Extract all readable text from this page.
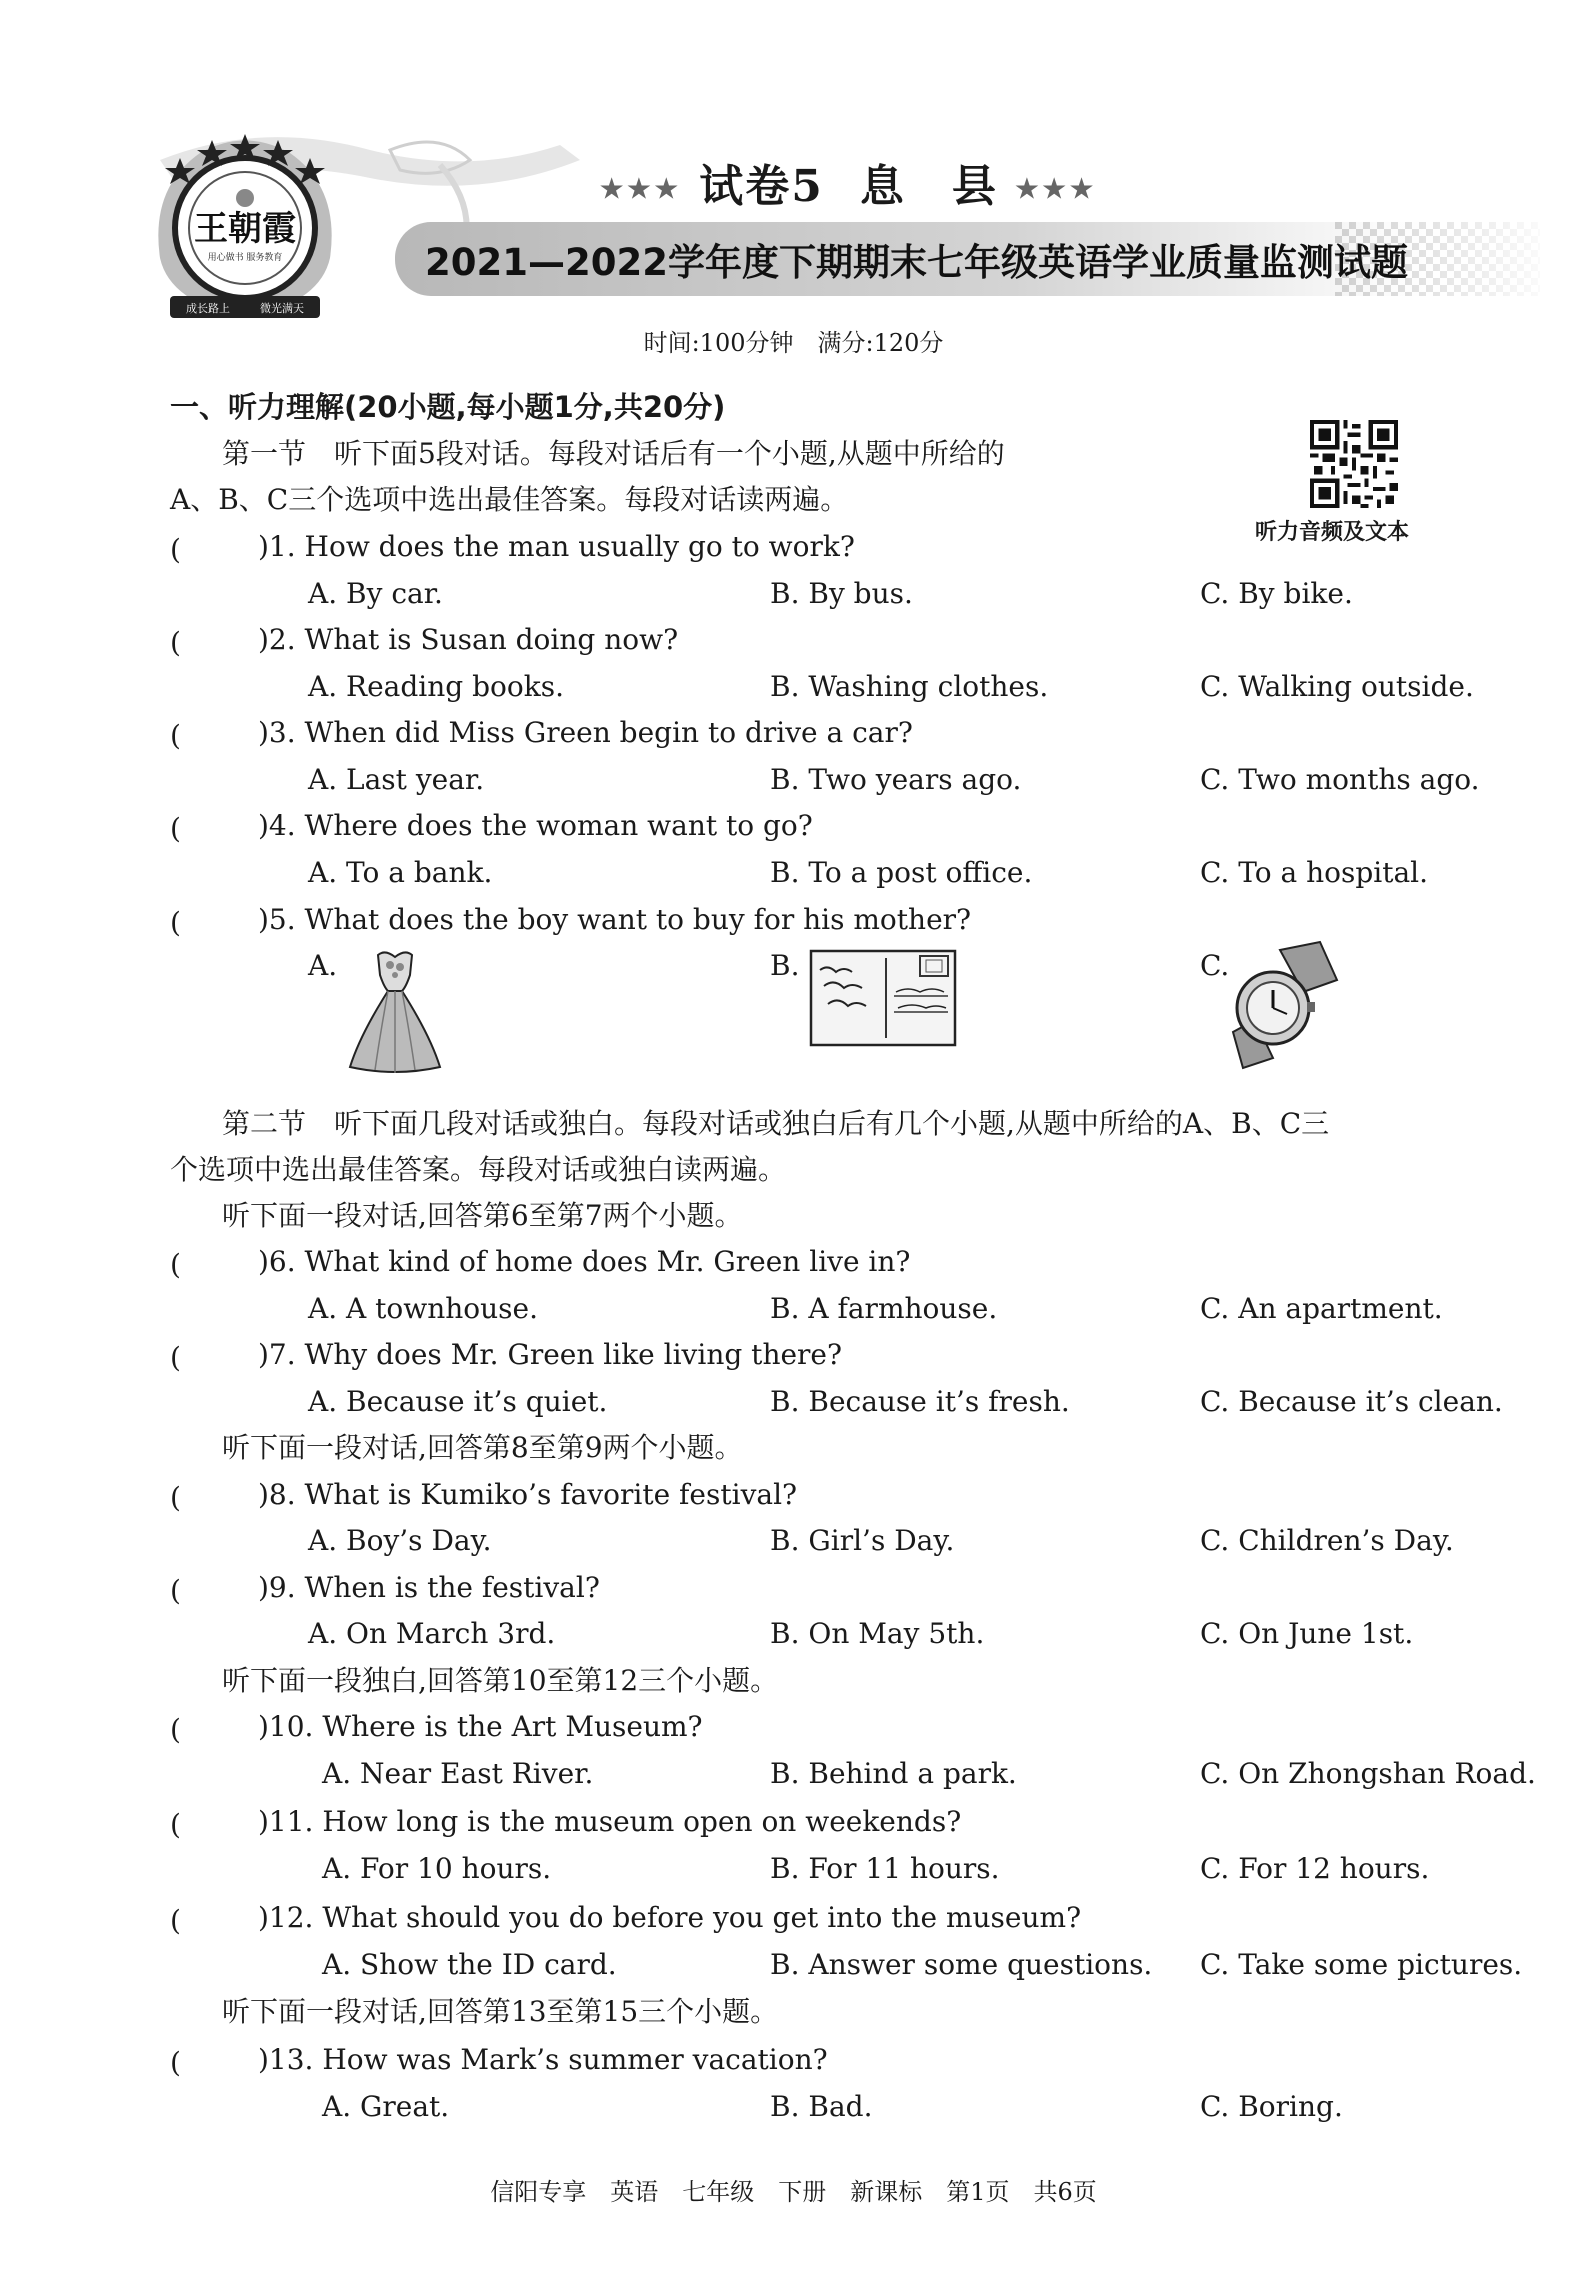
王朝霞
用心做书 服务教育
成长路上	微光满天
★★★ 试卷5 息　县 ★★★
2021—2022学年度下期期末七年级英语学业质量监测试题
时间:100分钟　满分:120分
一、听力理解(20小题,每小题1分,共20分)
第一节　听下面5段对话。每段对话后有一个小题,从题中所给的
A、B、C三个选项中选出最佳答案。每段对话读两遍。
听力音频及文本
(	)1. How does the man usually go to work?
A. By car.	B. By bus.	C. By bike.
(	)2. What is Susan doing now?
A. Reading books.	B. Washing clothes.	C. Walking outside.
(	)3. When did Miss Green begin to drive a car?
A. Last year.	B. Two years ago.	C. Two months ago.
(	)4. Where does the woman want to go?
A. To a bank.	B. To a post office.	C. To a hospital.
(	)5. What does the boy want to buy for his mother?
A.	B.	C.
第二节　听下面几段对话或独白。每段对话或独白后有几个小题,从题中所给的A、B、C三
个选项中选出最佳答案。每段对话或独白读两遍。
听下面一段对话,回答第6至第7两个小题。
(	)6. What kind of home does Mr. Green live in?
A. A townhouse.	B. A farmhouse.	C. An apartment.
(	)7. Why does Mr. Green like living there?
A. Because it’s quiet.	B. Because it’s fresh.	C. Because it’s clean.
听下面一段对话,回答第8至第9两个小题。
(	)8. What is Kumiko’s favorite festival?
A. Boy’s Day.	B. Girl’s Day.	C. Children’s Day.
(	)9. When is the festival?
A. On March 3rd.	B. On May 5th.	C. On June 1st.
听下面一段独白,回答第10至第12三个小题。
(	)10. Where is the Art Museum?
A. Near East River.	B. Behind a park.	C. On Zhongshan Road.
(	)11. How long is the museum open on weekends?
A. For 10 hours.	B. For 11 hours.	C. For 12 hours.
(	)12. What should you do before you get into the museum?
A. Show the ID card.	B. Answer some questions. C. Take some pictures.
听下面一段对话,回答第13至第15三个小题。
(	)13. How was Mark’s summer vacation?
A. Great.	B. Bad.	C. Boring.
信阳专享　英语　七年级　下册　新课标　第1页　共6页
